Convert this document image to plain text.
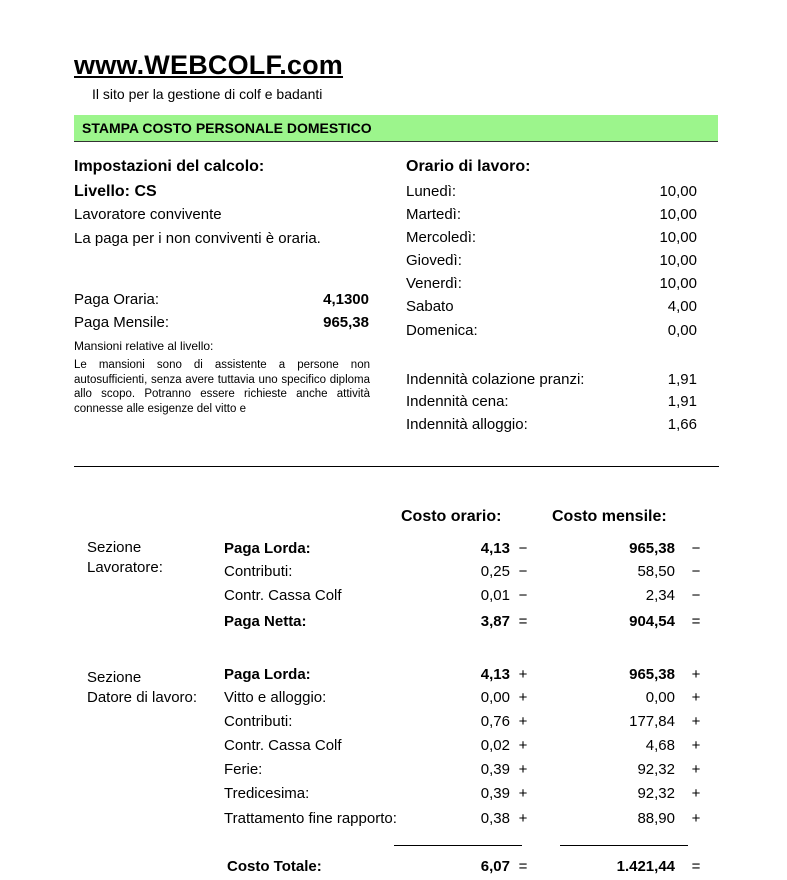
www.WEBCOLF.com
Il sito per la gestione di colf e badanti
STAMPA COSTO PERSONALE DOMESTICO
Impostazioni del calcolo:
Livello: CS
Lavoratore convivente
La paga per i non conviventi è oraria.
Paga Oraria:	4,1300
Paga Mensile:	965,38
Mansioni relative al livello:
Le mansioni sono di assistente a persone non autosufficienti, senza avere tuttavia uno specifico diploma allo scopo. Potranno essere richieste anche attività connesse alle esigenze del vitto e
Orario di lavoro:
Lunedì:	10,00
Martedì:	10,00
Mercoledì:	10,00
Giovedì:	10,00
Venerdì:	10,00
Sabato	4,00
Domenica:	0,00
Indennità colazione pranzi:	1,91
Indennità cena:	1,91
Indennità alloggio:	1,66
Costo orario:	Costo mensile:
Sezione
Lavoratore:
Paga Lorda:	4,13 −	965,38 −
Contributi:	0,25 −	58,50 −
Contr. Cassa Colf	0,01 −	2,34 −
Paga Netta:	3,87 =	904,54 =
Sezione
Datore di lavoro:
Paga Lorda:	4,13 +	965,38 +
Vitto e alloggio:	0,00 +	0,00 +
Contributi:	0,76 +	177,84 +
Contr. Cassa Colf	0,02 +	4,68 +
Ferie:	0,39 +	92,32 +
Tredicesima:	0,39 +	92,32 +
Trattamento fine rapporto:	0,38 +	88,90 +
Costo Totale:	6,07 =	1.421,44 =
